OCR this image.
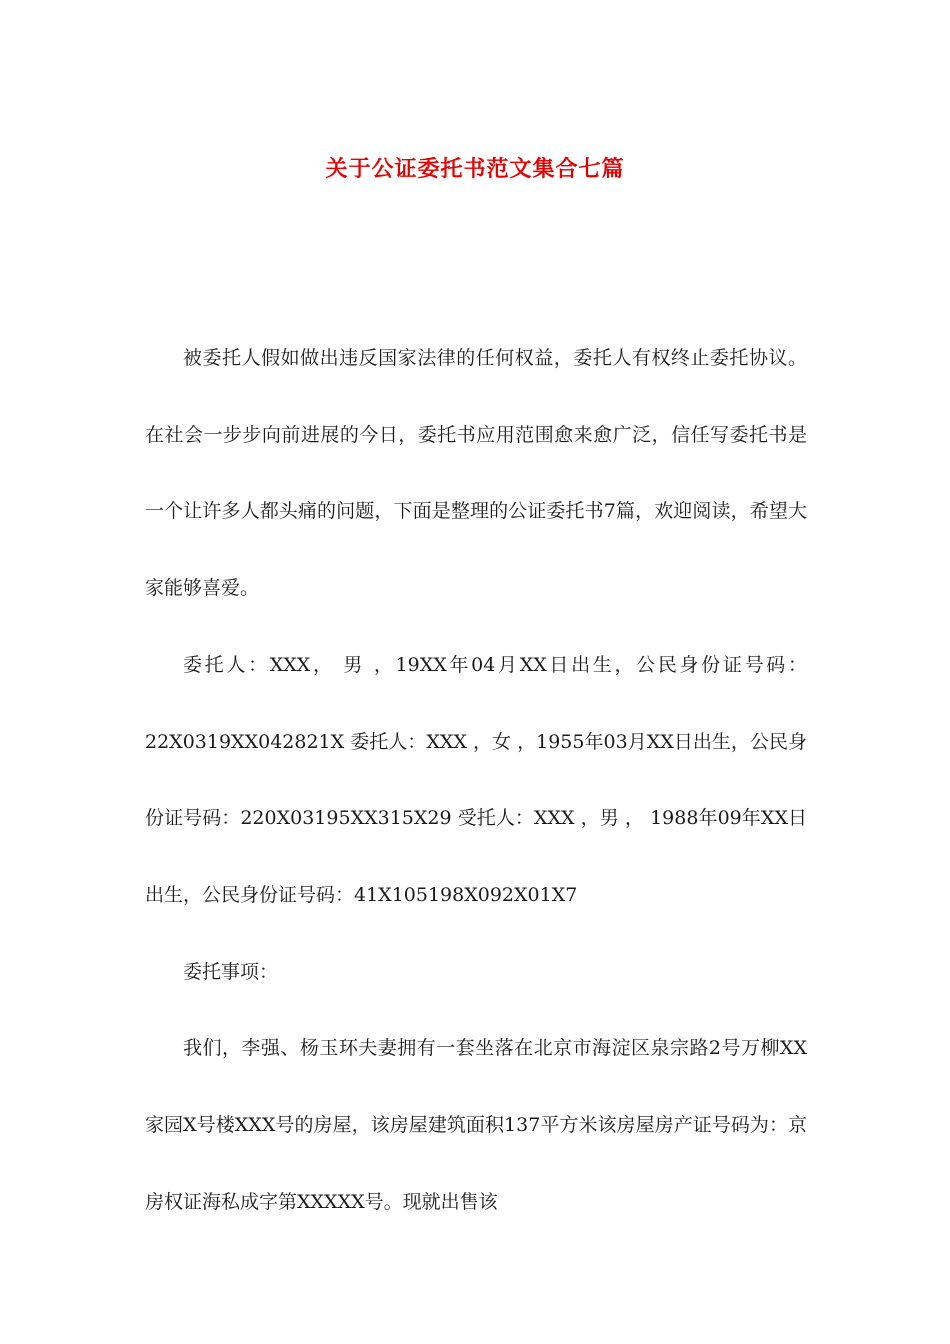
关于公证委托书范文集合七篇

被委托人假如做出违反国家法律的任何权益，委托人有权终止委托协议。在社会一步步向前进展的今日，委托书应用范围愈来愈广泛，信任写委托书是一个让许多人都头痛的问题，下面是整理的公证委托书7篇，欢迎阅读，希望大家能够喜爱。

委托人：XXX， 男 ，19XX年04月XX日出生，公民身份证号码：22X0319XX042821X 委托人：XXX ，女 ，1955年03月XX日出生，公民身份证号码：220X03195XX315X29 受托人：XXX ，男 ， 1988年09年XX日出生，公民身份证号码：41X105198X092X01X7

委托事项：

我们，李强、杨玉环夫妻拥有一套坐落在北京市海淀区泉宗路2号万柳XX家园X号楼XXX号的房屋，该房屋建筑面积137平方米该房屋房产证号码为：京房权证海私成字第XXXXX号。现就出售该
